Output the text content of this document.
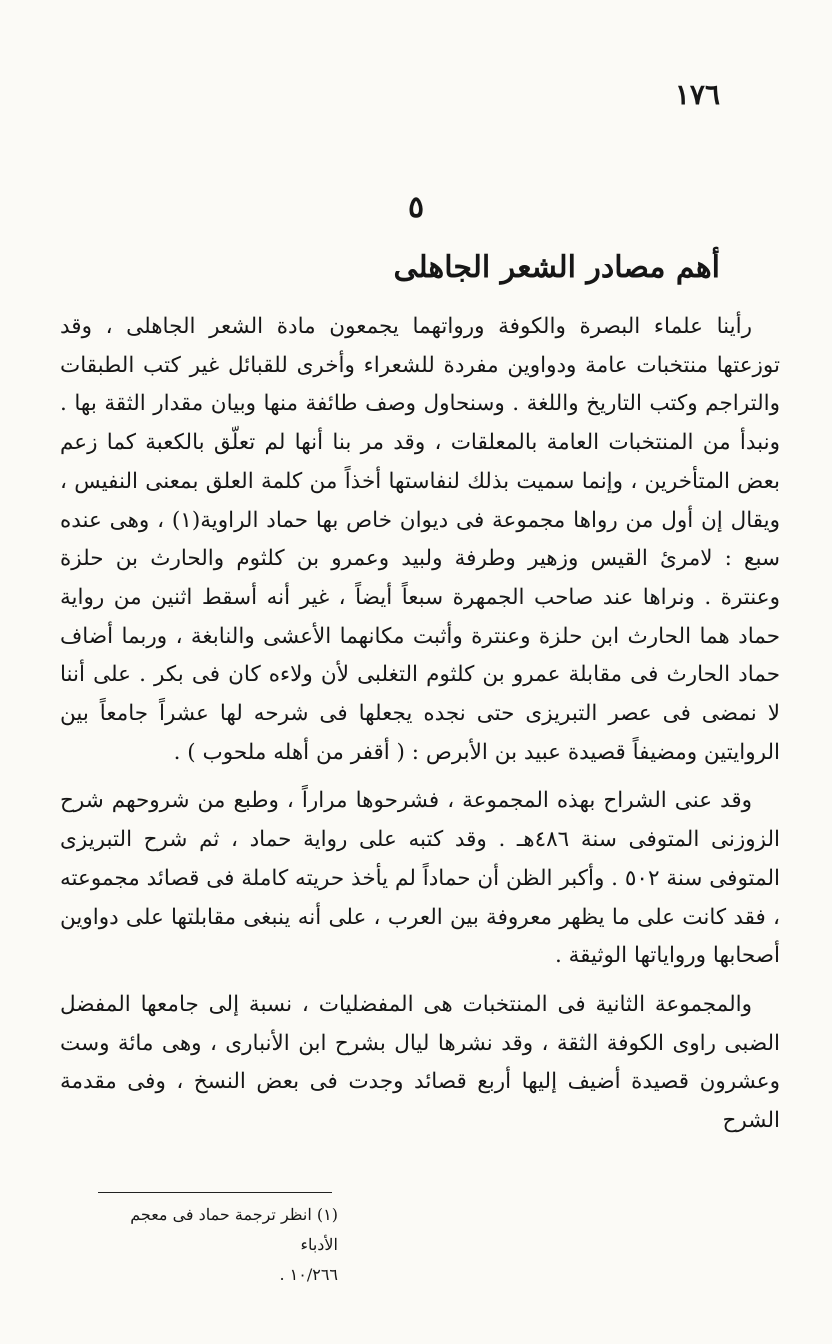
١٧٦
٥
أهم مصادر الشعر الجاهلى

رأينا علماء البصرة والكوفة ورواتهما يجمعون مادة الشعر الجاهلى ، وقد توزعتها منتخبات عامة ودواوين مفردة للشعراء وأخرى للقبائل غير كتب الطبقات والتراجم وكتب التاريخ واللغة . وسنحاول وصف طائفة منها وبيان مقدار الثقة بها . ونبدأ من المنتخبات العامة بالمعلقات ، وقد مر بنا أنها لم تعلّق بالكعبة كما زعم بعض المتأخرين ، وإنما سميت بذلك لنفاستها أخذاً من كلمة العلق بمعنى النفيس ، ويقال إن أول من رواها مجموعة فى ديوان خاص بها حماد الراوية(١) ، وهى عنده سبع : لامرئ القيس وزهير وطرفة ولبيد وعمرو بن كلثوم والحارث بن حلزة وعنترة . ونراها عند صاحب الجمهرة سبعاً أيضاً ، غير أنه أسقط اثنين من رواية حماد هما الحارث ابن حلزة وعنترة وأثبت مكانهما الأعشى والنابغة ، وربما أضاف حماد الحارث فى مقابلة عمرو بن كلثوم التغلبى لأن ولاءه كان فى بكر . على أننا لا نمضى فى عصر التبريزى حتى نجده يجعلها فى شرحه لها عشراً جامعاً بين الروايتين ومضيفاً قصيدة عبيد بن الأبرص : ( أقفر من أهله ملحوب ) .

وقد عنى الشراح بهذه المجموعة ، فشرحوها مراراً ، وطبع من شروحهم شرح الزوزنى المتوفى سنة ٤٨٦هـ . وقد كتبه على رواية حماد ، ثم شرح التبريزى المتوفى سنة ٥٠٢ . وأكبر الظن أن حماداً لم يأخذ حريته كاملة فى قصائد مجموعته ، فقد كانت على ما يظهر معروفة بين العرب ، على أنه ينبغى مقابلتها على دواوين أصحابها ورواياتها الوثيقة .

والمجموعة الثانية فى المنتخبات هى المفضليات ، نسبة إلى جامعها المفضل الضبى راوى الكوفة الثقة ، وقد نشرها ليال بشرح ابن الأنبارى ، وهى مائة وست وعشرون قصيدة أضيف إليها أربع قصائد وجدت فى بعض النسخ ، وفى مقدمة الشرح

(١) انظر ترجمة حماد فى معجم الأدباء
١٠/٢٦٦ .
